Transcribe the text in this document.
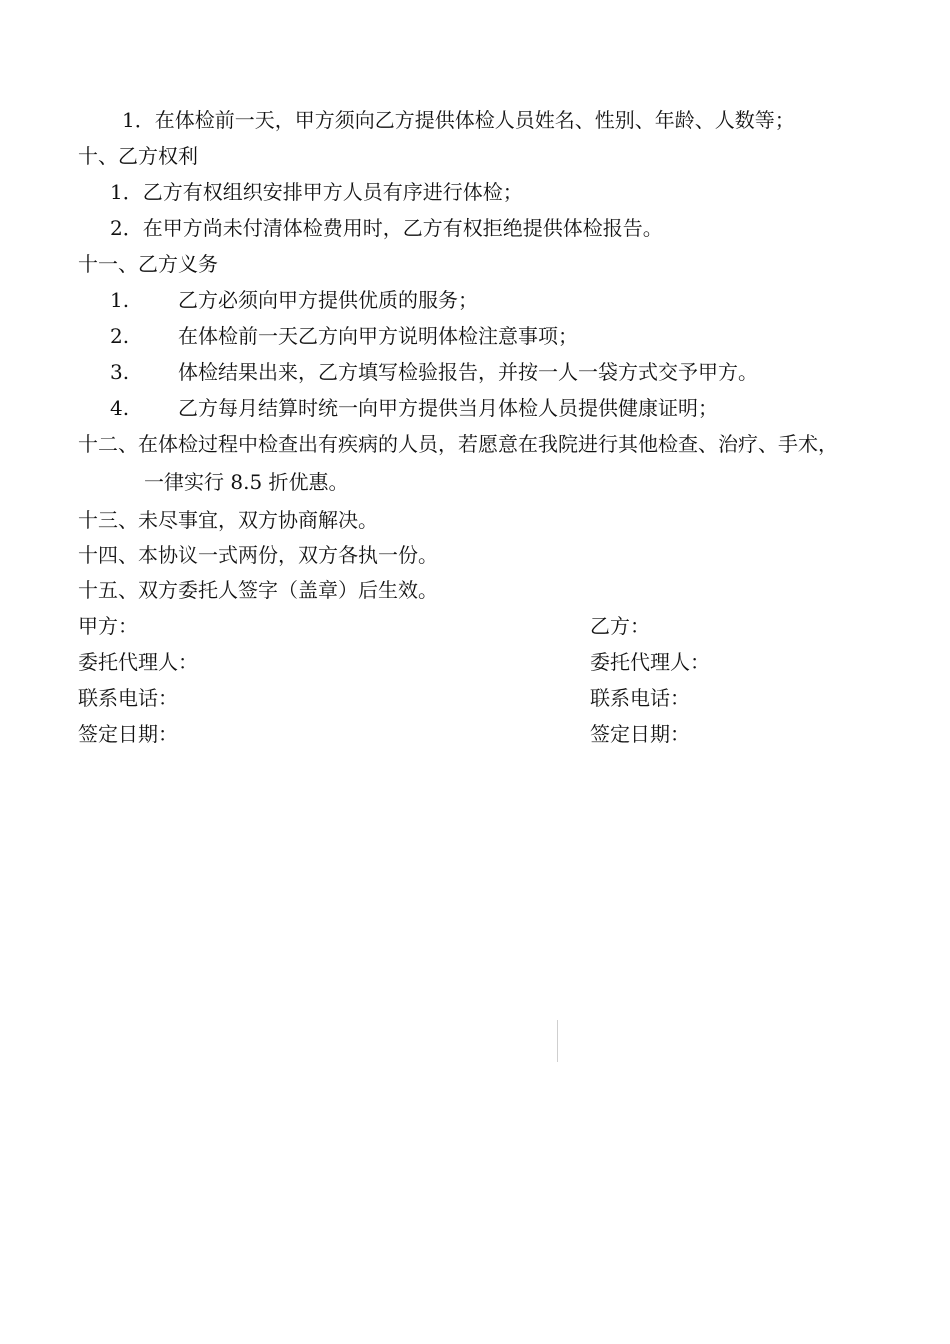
1．在体检前一天，甲方须向乙方提供体检人员姓名、性别、年龄、人数等；
十、乙方权利
1．乙方有权组织安排甲方人员有序进行体检；
2．在甲方尚未付清体检费用时，乙方有权拒绝提供体检报告。
十一、乙方义务
1. 乙方必须向甲方提供优质的服务；
2. 在体检前一天乙方向甲方说明体检注意事项；
3. 体检结果出来，乙方填写检验报告，并按一人一袋方式交予甲方。
4. 乙方每月结算时统一向甲方提供当月体检人员提供健康证明；
十二、在体检过程中检查出有疾病的人员，若愿意在我院进行其他检查、治疗、手术，
一律实行 8.5 折优惠。
十三、未尽事宜，双方协商解决。
十四、本协议一式两份，双方各执一份。
十五、双方委托人签字（盖章）后生效。
甲方：
委托代理人：
联系电话：
签定日期：
乙方：
委托代理人：
联系电话：
签定日期：
